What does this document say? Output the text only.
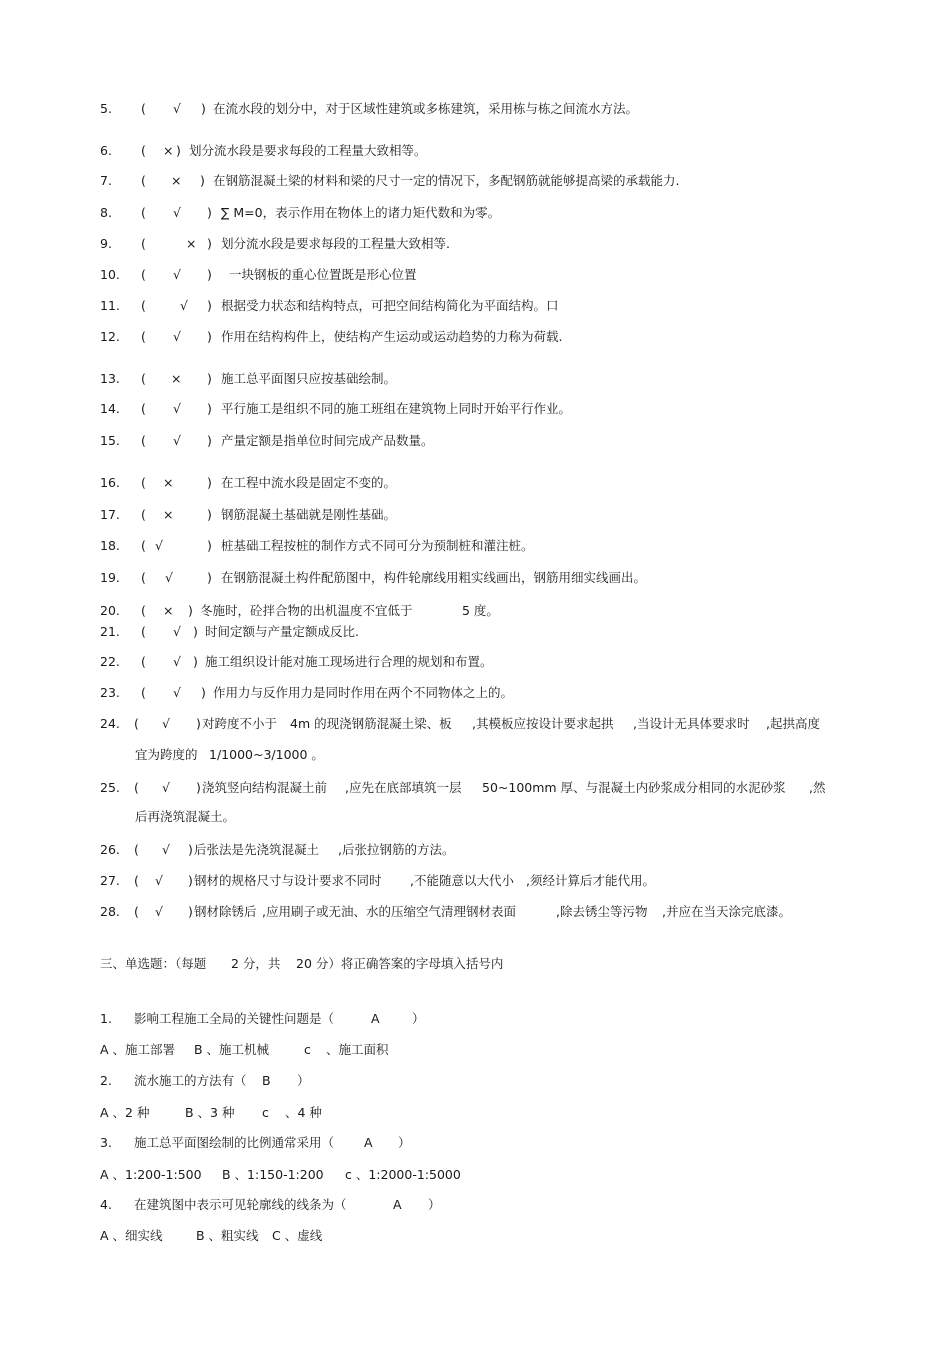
5. ( √ ) 在流水段的划分中，对于区域性建筑或多栋建筑，采用栋与栋之间流水方法。
6. ( × ) 划分流水段是要求每段的工程量大致相等。
7. ( × ) 在钢筋混凝土梁的材料和梁的尺寸一定的情况下，多配钢筋就能够提高梁的承载能力.
8. ( √ ) ∑ M=0，表示作用在物体上的诸力矩代数和为零。
9. (	× ) 划分流水段是要求每段的工程量大致相等.
10. ( √ ) 一块钢板的重心位置既是形心位置
11. (	√ ) 根据受力状态和结构特点，可把空间结构简化为平面结构。口
12. ( √ ) 作用在结构构件上，使结构产生运动或运动趋势的力称为荷载.
13. ( × ) 施工总平面图只应按基础绘制。
14. ( √ ) 平行施工是组织不同的施工班组在建筑物上同时开始平行作业。
15. ( √ ) 产量定额是指单位时间完成产品数量。
16. ( ×	) 在工程中流水段是固定不变的。
17. ( ×	) 钢筋混凝土基础就是刚性基础。
18. ( √	) 桩基础工程按桩的制作方式不同可分为预制桩和灌注桩。
19. ( √	) 在钢筋混凝土构件配筋图中，构件轮廓线用粗实线画出，钢筋用细实线画出。
20. ( × ) 冬施时，砼拌合物的出机温度不宜低于	5 度。
21. ( √ ) 时间定额与产量定额成反比.
22. ( √ ) 施工组织设计能对施工现场进行合理的规划和布置。
23. ( √ ) 作用力与反作用力是同时作用在两个不同物体之上的。
24. ( √ ) 对跨度不小于 4m 的现浇钢筋混凝土梁、板 ,其模板应按设计要求起拱 ,当设计无具体要求时 ,起拱高度
宜为跨度的 1/1000~3/1000 。
25. ( √ ) 浇筑竖向结构混凝土前 ,应先在底部填筑一层 50~100mm 厚、与混凝土内砂浆成分相同的水泥砂浆 ,然
后再浇筑混凝土。
26. ( √ ) 后张法是先浇筑混凝土 ,后张拉钢筋的方法。
27. ( √ ) 钢材的规格尺寸与设计要求不同时 ,不能随意以大代小 ,须经计算后才能代用。
28. ( √ ) 钢材除锈后 ,应用刷子或无油、水的压缩空气清理钢材表面	,除去锈尘等污物 ,并应在当天涂完底漆。
三、单选题：（每题 2 分，共 20 分）将正确答案的字母填入括号内
1. 影响工程施工全局的关键性问题是（	A	）
A 、施工部署 B 、施工机械	c 、施工面积
2. 流水施工的方法有（ B ）
A 、2 种	B 、3 种 c 、4 种
3. 施工总平面图绘制的比例通常采用（ A ）
A 、1:200-1:500 B 、1:150-1:200 c 、1:2000-1:5000
4. 在建筑图中表示可见轮廓线的线条为（	A ）
A 、细实线	B 、粗实线 C 、虚线
